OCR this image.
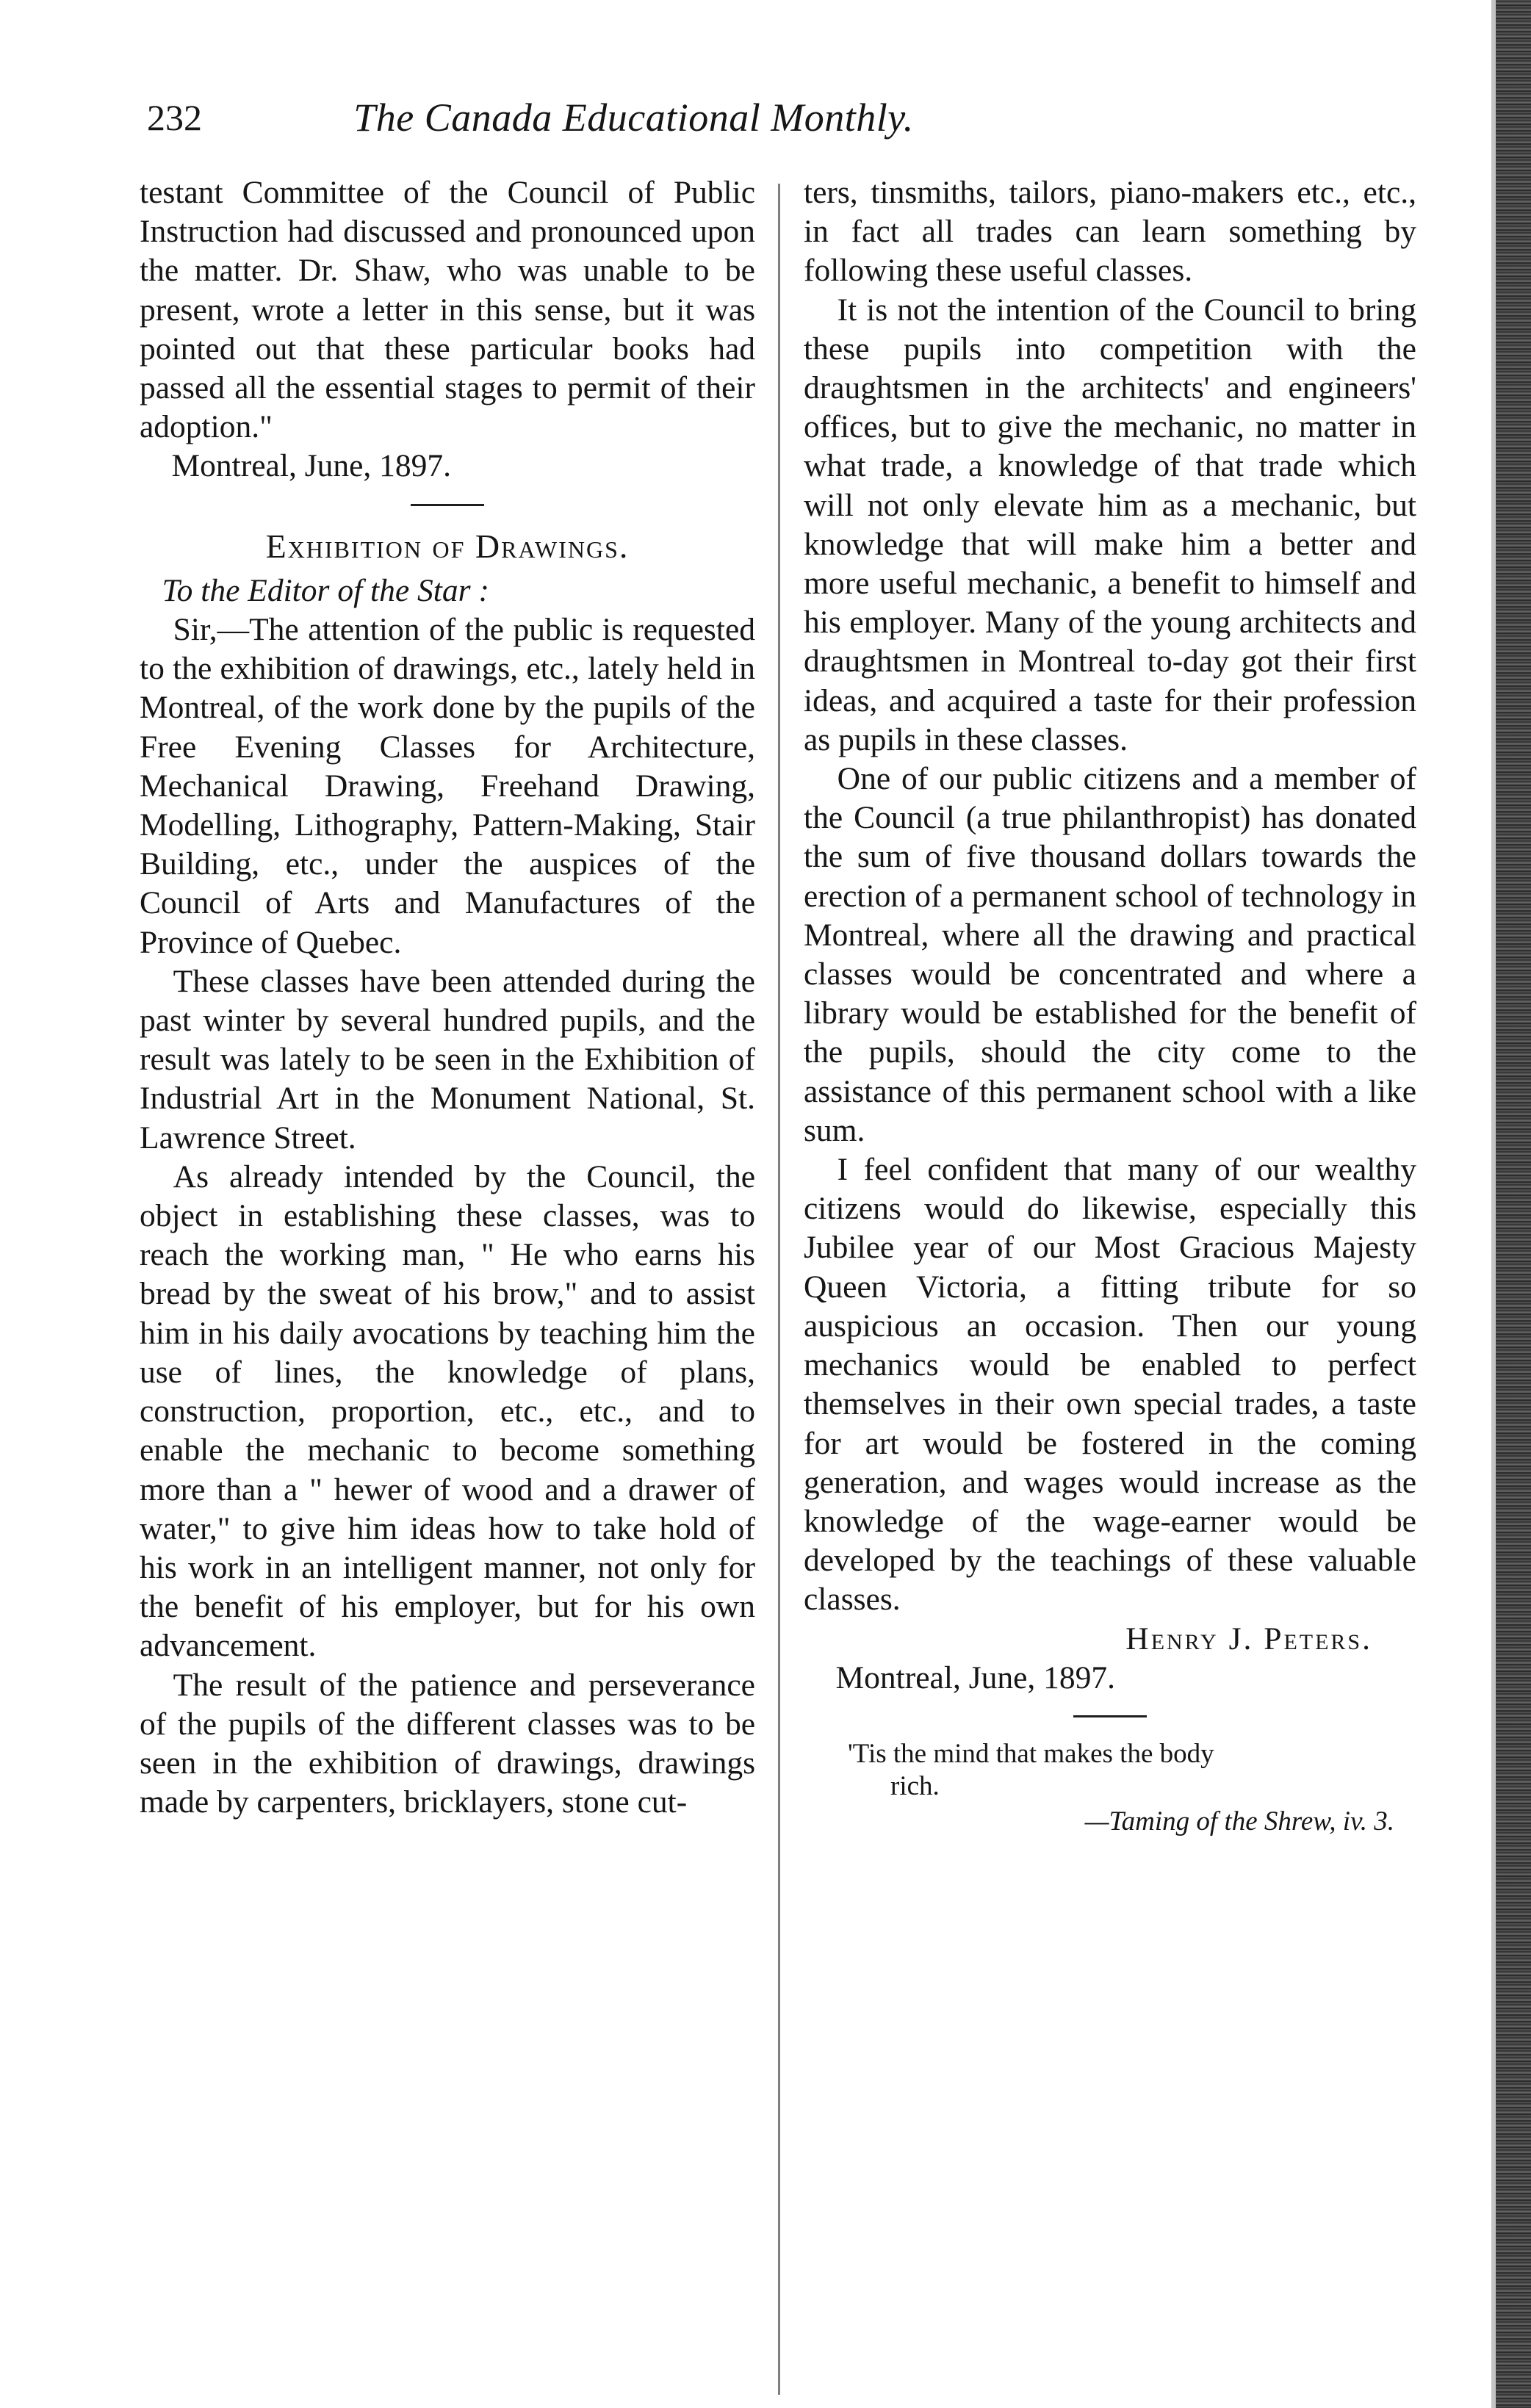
232	The Canada Educational Monthly.

testant Committee of the Council of Public Instruction had discussed and pronounced upon the matter. Dr. Shaw, who was unable to be present, wrote a letter in this sense, but it was pointed out that these particular books had passed all the essential stages to permit of their adoption."

Montreal, June, 1897.

Exhibition of Drawings.

To the Editor of the Star :

Sir,—The attention of the public is requested to the exhibition of drawings, etc., lately held in Montreal, of the work done by the pupils of the Free Evening Classes for Architecture, Mechanical Drawing, Freehand Drawing, Modelling, Lithography, Pattern-Making, Stair Building, etc., under the auspices of the Council of Arts and Manufactures of the Province of Quebec.

These classes have been attended during the past winter by several hundred pupils, and the result was lately to be seen in the Exhibition of Industrial Art in the Monument National, St. Lawrence Street.

As already intended by the Council, the object in establishing these classes, was to reach the working man, " He who earns his bread by the sweat of his brow," and to assist him in his daily avocations by teaching him the use of lines, the knowledge of plans, construction, proportion, etc., etc., and to enable the mechanic to become something more than a " hewer of wood and a drawer of water," to give him ideas how to take hold of his work in an intelligent manner, not only for the benefit of his employer, but for his own advancement.

The result of the patience and perseverance of the pupils of the different classes was to be seen in the exhibition of drawings, drawings made by carpenters, bricklayers, stone cut-

ters, tinsmiths, tailors, piano-makers etc., etc., in fact all trades can learn something by following these useful classes.

It is not the intention of the Council to bring these pupils into competition with the draughtsmen in the architects' and engineers' offices, but to give the mechanic, no matter in what trade, a knowledge of that trade which will not only elevate him as a mechanic, but knowledge that will make him a better and more useful mechanic, a benefit to himself and his employer. Many of the young architects and draughtsmen in Montreal to-day got their first ideas, and acquired a taste for their profession as pupils in these classes.

One of our public citizens and a member of the Council (a true philanthropist) has donated the sum of five thousand dollars towards the erection of a permanent school of technology in Montreal, where all the drawing and practical classes would be concentrated and where a library would be established for the benefit of the pupils, should the city come to the assistance of this permanent school with a like sum.

I feel confident that many of our wealthy citizens would do likewise, especially this Jubilee year of our Most Gracious Majesty Queen Victoria, a fitting tribute for so auspicious an occasion. Then our young mechanics would be enabled to perfect themselves in their own special trades, a taste for art would be fostered in the coming generation, and wages would increase as the knowledge of the wage-earner would be developed by the teachings of these valuable classes.

Henry J. Peters.

Montreal, June, 1897.

'Tis the mind that makes the body
rich.
—Taming of the Shrew, iv. 3.
